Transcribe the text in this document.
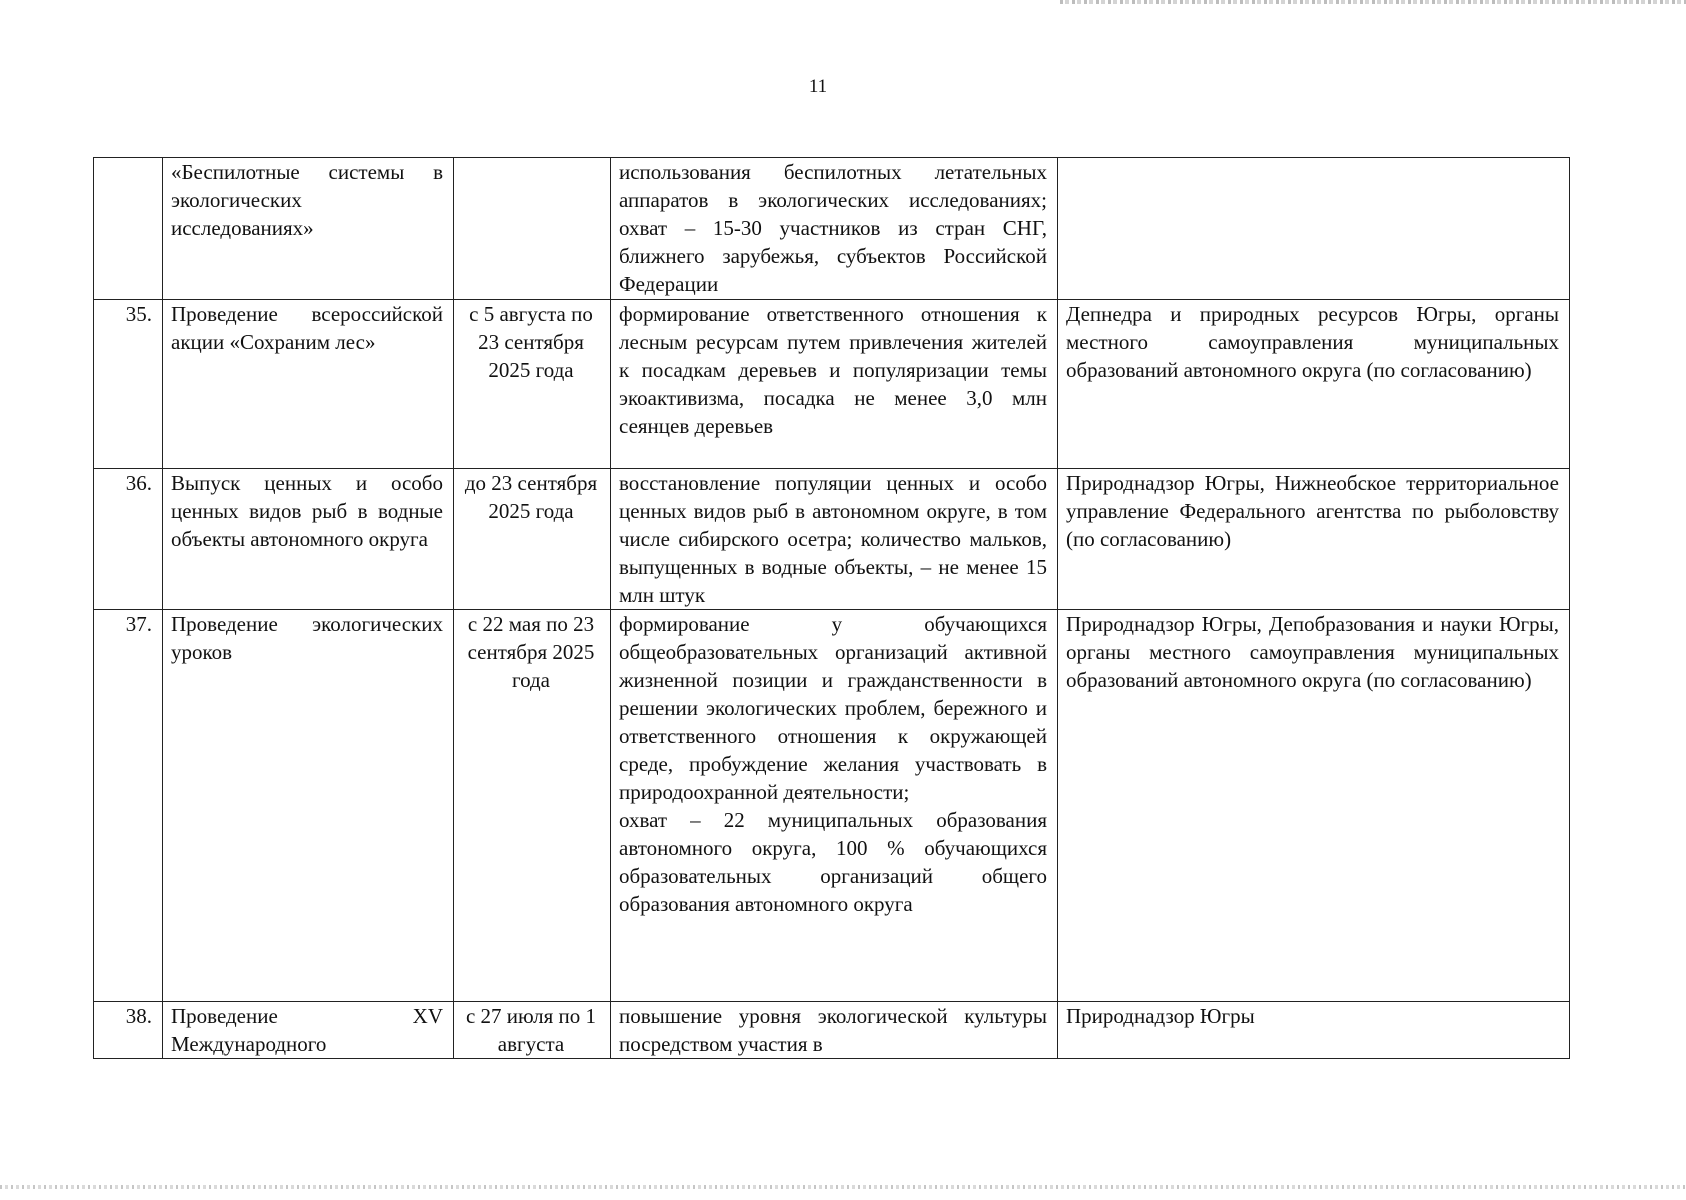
11

	«Беспилотные системы в экологических исследованиях»		использования беспилотных летательных аппаратов в экологических исследованиях; охват – 15-30 участников из стран СНГ, ближнего зарубежья, субъектов Российской Федерации	

35.	Проведение всероссийской акции «Сохраним лес»	с 5 августа по 23 сентября 2025 года	формирование ответственного отношения к лесным ресурсам путем привлечения жителей к посадкам деревьев и популяризации темы экоактивизма, посадка не менее 3,0 млн сеянцев деревьев	Депнедра и природных ресурсов Югры, органы местного самоуправления муниципальных образований автономного округа (по согласованию)

36.	Выпуск ценных и особо ценных видов рыб в водные объекты автономного округа	до 23 сентября 2025 года	восстановление популяции ценных и особо ценных видов рыб в автономном округе, в том числе сибирского осетра; количество мальков, выпущенных в водные объекты, – не менее 15 млн штук	Природнадзор Югры, Нижнеобское территориальное управление Федерального агентства по рыболовству (по согласованию)

37.	Проведение экологических уроков	с 22 мая по 23 сентября 2025 года	формирование у обучающихся общеобразовательных организаций активной жизненной позиции и гражданственности в решении экологических проблем, бережного и ответственного отношения к окружающей среде, пробуждение желания участвовать в природоохранной деятельности;
охват – 22 муниципальных образования автономного округа, 100 % обучающихся образовательных организаций общего образования автономного округа	Природнадзор Югры, Депобразования и науки Югры, органы местного самоуправления муниципальных образований автономного округа (по согласованию)

38.	Проведение XV Международного	с 27 июля по 1 августа	повышение уровня экологической культуры посредством участия в	Природнадзор Югры
